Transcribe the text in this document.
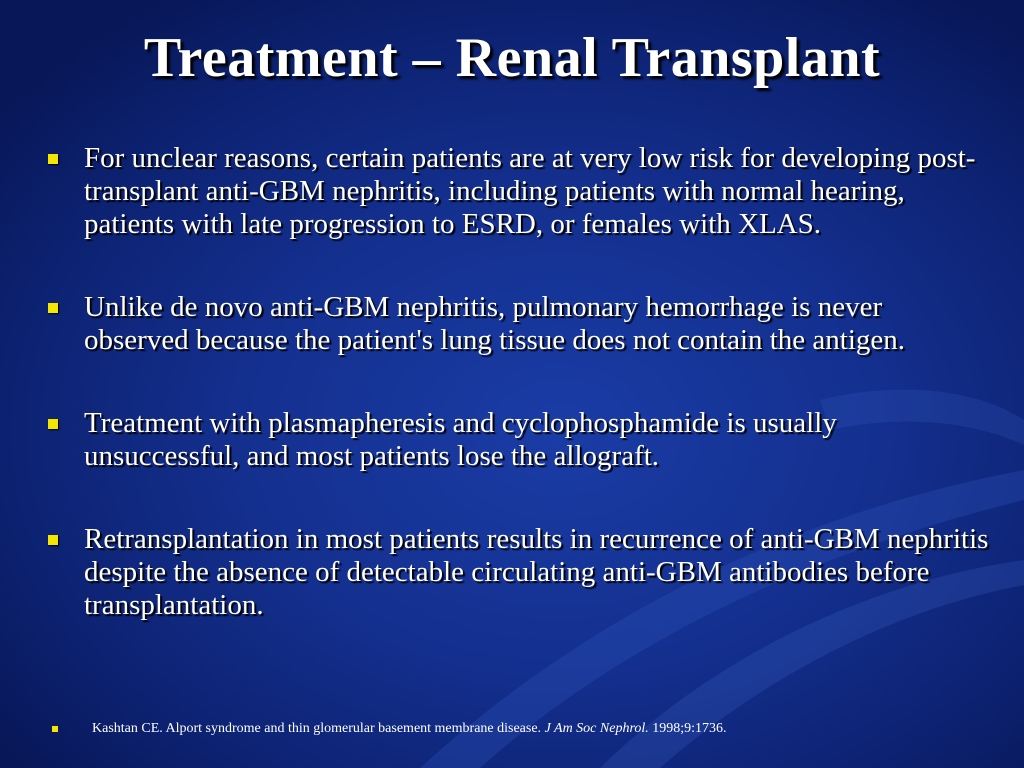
Treatment – Renal Transplant
For unclear reasons, certain patients are at very low risk for developing post-transplant anti-GBM nephritis, including patients with normal hearing, patients with late progression to ESRD, or females with XLAS.
Unlike de novo anti-GBM nephritis, pulmonary hemorrhage is never observed because the patient's lung tissue does not contain the antigen.
Treatment with plasmapheresis and cyclophosphamide is usually unsuccessful, and most patients lose the allograft.
Retransplantation in most patients results in recurrence of anti-GBM nephritis despite the absence of detectable circulating anti-GBM antibodies before transplantation.
Kashtan CE. Alport syndrome and thin glomerular basement membrane disease. J Am Soc Nephrol. 1998;9:1736.
